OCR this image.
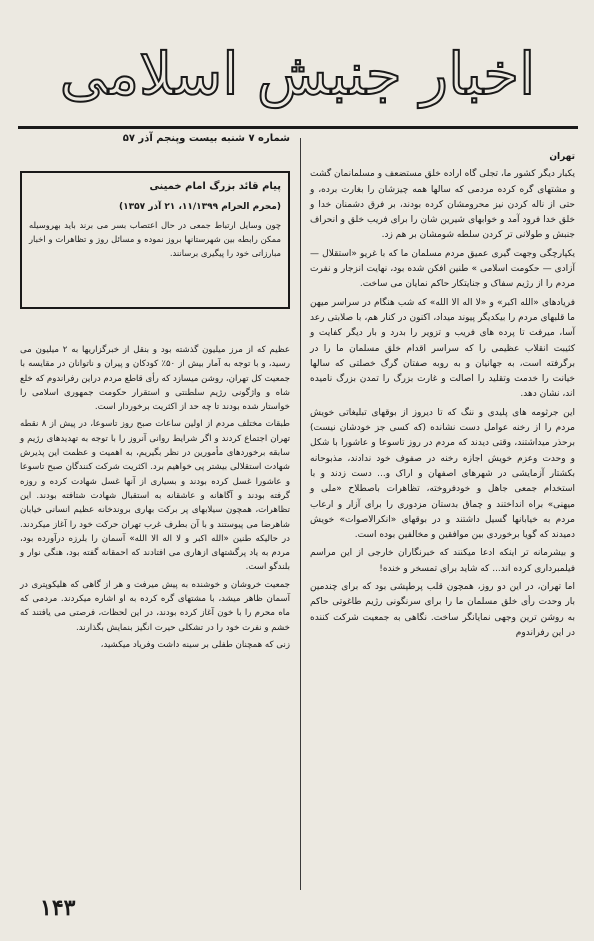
اخبار جنبش اسلامی
شماره ۷ شنبه بیست وپنجم آذر ۵۷
پیام قائد بزرگ امام خمینی
(محرم الحرام ۱۱/۱۳۹۹، ۲۱ آذر ۱۳۵۷)

چون وسایل ارتباط جمعی در حال اعتصاب بسر می برند باید بهروسیله ممکن رابطه بین شهرستانها بروز نموده و مسائل روز و تظاهرات و اخبار مبارزاتی خود را پیگیری برسانند.

تهران

یکبار دیگر کشور ما، تجلی گاه اراده خلق مستضعف و مسلمانمان گشت و مشتهای گره کرده مردمی که سالها همه چیزشان را بغارت برده، و حتی از ناله کردن نیز محرومشان کرده بودند، بر فرق دشمنان خدا و خلق خدا فرود آمد و خوابهای شیرین شان را برای فریب خلق و انحراف جنبش و طولانی تر کردن سلطه شومشان بر هم زد.

یکپارچگی وجهت گیری عمیق مردم مسلمان ما که با غریو «استقلال — آزادی — حکومت اسلامی » طنین افکن شده بود، نهایت انزجار و نفرت مردم را از رژیم سفاک و جنایتکار حاکم نمایان می ساخت.

فریادهای «الله اکبر» و «لا اله الا الله» که شب هنگام در سراسر میهن ما قلبهای مردم را بیکدیگر پیوند میداد، اکنون در کنار هم، با صلابتی رعد آسا، میرفت تا پرده های فریب و تزویر را بدرد و بار دیگر کفایت و کثیبت انقلاب عظیمی را که سراسر اقدام خلق مسلمان ما را در برگرفته است، به جهانیان و به روبه صفتان گرگ خصلتی که سالها خیانت را خدمت وتقلید را اصالت و غارت بزرگ را تمدن بزرگ نامیده اند، نشان دهد.

این جرثومه های پلیدی و ننگ که تا دیروز از بوقهای تبلیغاتی خویش مردم را از رخنه عوامل دست نشانده (که کسی جز خودشان نیست) برحذر میداشتند، وقتی دیدند که مردم در روز تاسوعا و عاشورا با شکل و وحدت وعزم خویش اجازه رخنه در صفوف خود ندادند، مذبوحانه بکشتار آزمایشی در شهرهای اصفهان و اراک و... دست زدند و با استخدام جمعی جاهل و خودفروخته، تظاهرات باصطلاح «ملی و میهنی» براه انداختند و چماق بدستان مزدوری را برای آزار و ارعاب مردم به خیابانها گسیل داشتند و در بوقهای «انکرالاصوات» خویش دمیدند که گویا برخوردی بین موافقین و مخالفین بوده است.

و بیشرمانه تر اینکه ادعا میکنند که خبرنگاران خارجی از این مراسم فیلمبرداری کرده اند... که شاید برای تمسخر و خنده!

اما تهران، در این دو روز، همچون قلب پرطپشی بود که برای چندمین بار وحدت رأی خلق مسلمان ما را برای سرنگونی رژیم طاغوتی حاکم به روشن ترین وجهی نمایانگر ساخت. نگاهی به جمعیت شرکت کننده در این رفراندوم

عظیم که از مرز میلیون گذشته بود و بنقل از خبرگزاریها به ۲ میلیون می رسید، و با توجه به آمار بیش از ۵۰٪ کودکان و پیران و ناتوانان در مقایسه با جمعیت کل تهران، روشن میسازد که رأی قاطع مردم دراین رفراندوم که خلع شاه و واژگونی رژیم سلطنتی و استقرار حکومت جمهوری اسلامی را خواستار شده بودند تا چه حد از اکثریت برخوردار است.

طبقات مختلف مردم از اولین ساعات صبح روز تاسوعا، در پیش از ۸ نقطه تهران اجتماع کردند و اگر شرایط روانی آنروز را با توجه به تهدیدهای رژیم و سابقه برخوردهای مأمورین در نظر بگیریم، به اهمیت و عظمت این پذیرش شهادت استقلالی بیشتر پی خواهیم برد. اکثریت شرکت کنندگان صبح تاسوعا و عاشورا غسل کرده بودند و بسیاری از آنها غسل شهادت کرده و روزه گرفته بودند و آگاهانه و عاشقانه به استقبال شهادت شتافته بودند. این تظاهرات، همچون سیلابهای پر برکت بهاری بروندخانه عظیم انسانی خیابان شاهرضا می پیوستند و با آن بطرف غرب تهران حرکت خود را آغاز میکردند. در حالیکه طنین «الله اکبر و لا اله الا الله» آسمان را بلرزه درآورده بود، مردم به یاد پرگشتهای ازهاری می افتادند که احمقانه گفته بود، هنگی نوار و بلندگو است.

جمعیت خروشان و خوشنده به پیش میرفت و هر از گاهی که هلیکوپتری در آسمان ظاهر میشد، با مشتهای گره کرده به او اشاره میکردند. مردمی که ماه محرم را با خون آغاز کرده بودند، در این لحظات، فرصتی می یافتند که خشم و نفرت خود را در تشکلی حیرت انگیز بنمایش بگذارند.

زنی که همچنان طفلی بر سینه داشت وفریاد میکشید،

۱۴۳
